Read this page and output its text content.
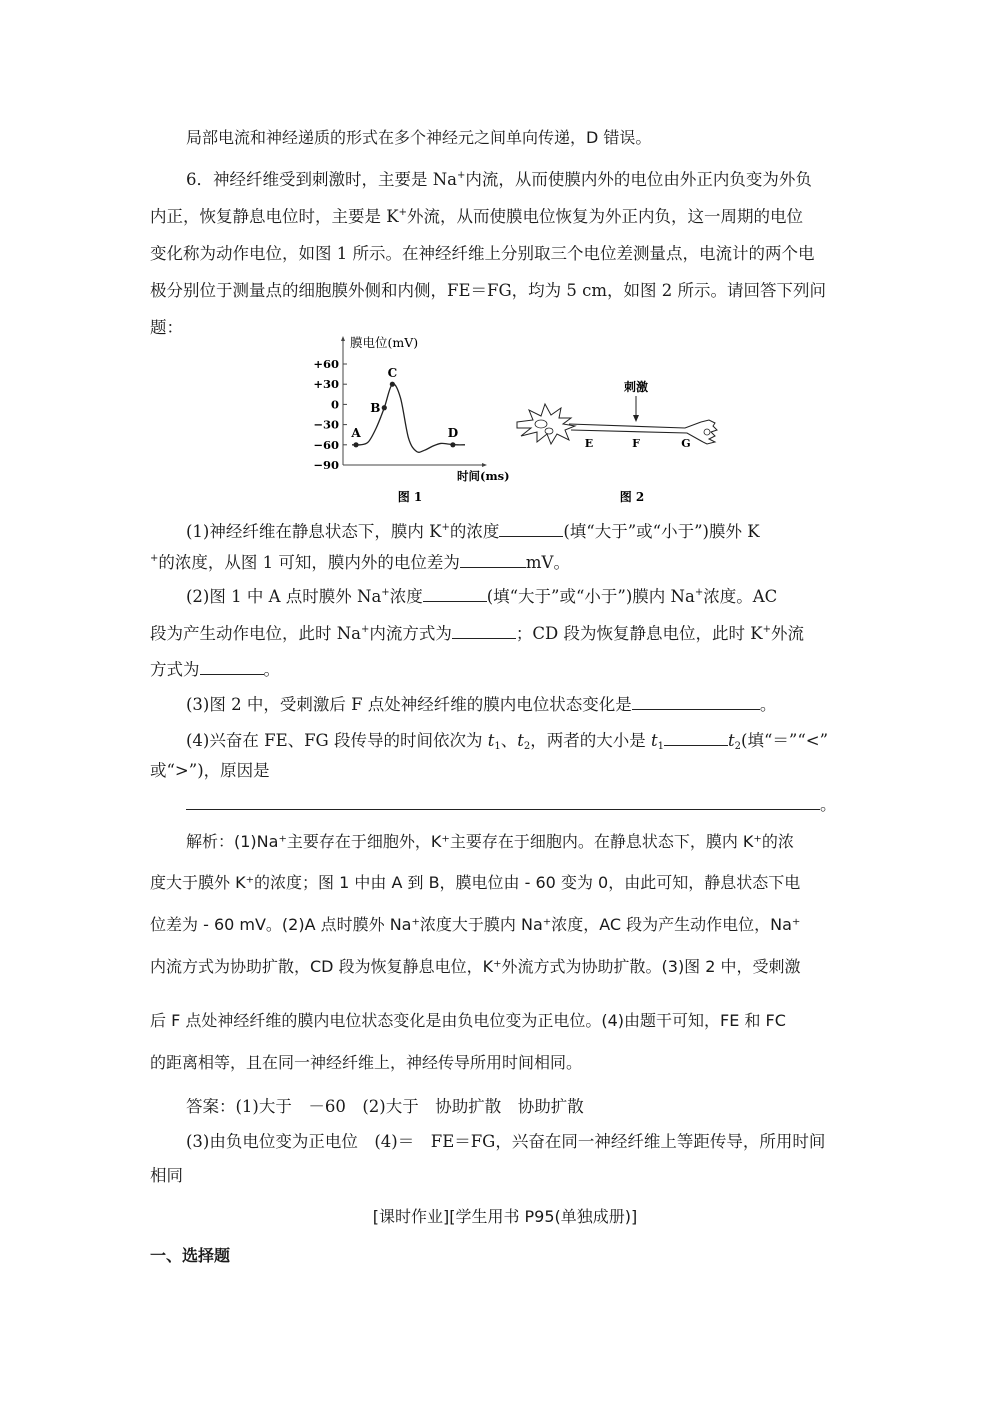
局部电流和神经递质的形式在多个神经元之间单向传递，D 错误。
6．神经纤维受到刺激时，主要是 Na+内流，从而使膜内外的电位由外正内负变为外负
内正，恢复静息电位时，主要是 K+外流，从而使膜电位恢复为外正内负，这一周期的电位
变化称为动作电位，如图 1 所示。在神经纤维上分别取三个电位差测量点，电流计的两个电
极分别位于测量点的细胞膜外侧和内侧，FE＝FG，均为 5 cm，如图 2 所示。请回答下列问
题：
+60
+30
0
−30
−60
−90
A
B
C
D
膜电位(mV)
时间(ms)
图 1
刺激
E	F	G
图 2
(1)神经纤维在静息状态下，膜内 K+的浓度	(填“大于”或“小于”)膜外 K
+的浓度，从图 1 可知，膜内外的电位差为	mV。
(2)图 1 中 A 点时膜外 Na+浓度	(填“大于”或“小于”)膜内 Na+浓度。AC
段为产生动作电位，此时 Na+内流方式为	；CD 段为恢复静息电位，此时 K+外流
方式为	。
(3)图 2 中，受刺激后 F 点处神经纤维的膜内电位状态变化是	。
(4)兴奋在 FE、FG 段传导的时间依次为 $t_1$、$t_2$，两者的大小是 $t_1$	$t_2$(填“＝”“<”
或“>”)，原因是
。
解析：(1)Na⁺主要存在于细胞外，K⁺主要存在于细胞内。在静息状态下，膜内 K⁺的浓
度大于膜外 K⁺的浓度；图 1 中由 A 到 B，膜电位由 - 60 变为 0，由此可知，静息状态下电
位差为 - 60 mV。(2)A 点时膜外 Na⁺浓度大于膜内 Na⁺浓度，AC 段为产生动作电位，Na⁺
内流方式为协助扩散，CD 段为恢复静息电位，K⁺外流方式为协助扩散。(3)图 2 中，受刺激
后 F 点处神经纤维的膜内电位状态变化是由负电位变为正电位。(4)由题干可知，FE 和 FC
的距离相等，且在同一神经纤维上，神经传导所用时间相同。
答案：(1)大于　－60　(2)大于　协助扩散　协助扩散
(3)由负电位变为正电位　(4)＝　FE＝FG，兴奋在同一神经纤维上等距传导，所用时间
相同
[课时作业][学生用书 P95(单独成册)]
一、选择题
